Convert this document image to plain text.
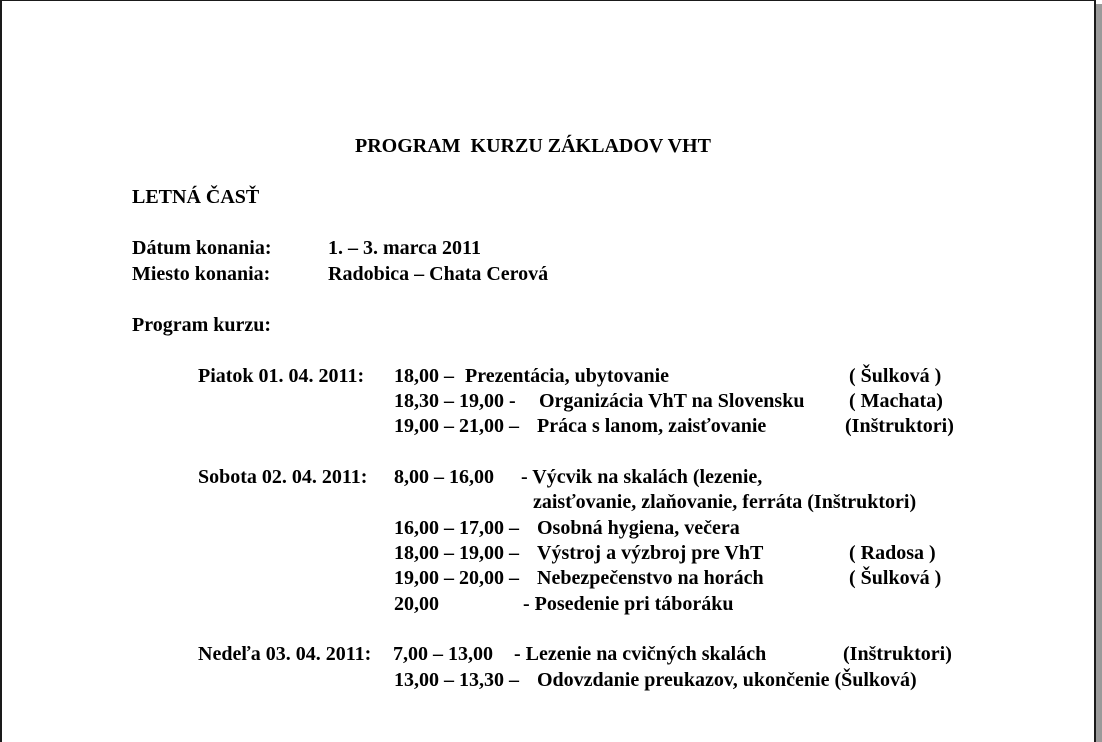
PROGRAM  KURZU ZÁKLADOV VHT
LETNÁ ČASŤ
Dátum konania:	1. – 3. marca 2011
Miesto konania:	Radobica – Chata Cerová
Program kurzu:
Piatok 01. 04. 2011: 18,00 – Prezentácia, ubytovanie	( Šulková )
18,30 – 19,00 - Organizácia VhT na Slovensku ( Machata)
19,00 – 21,00 – Práca s lanom, zaisťovanie	(Inštruktori)
Sobota 02. 04. 2011: 8,00 – 16,00 - Výcvik na skalách (lezenie,
zaisťovanie, zlaňovanie, ferráta (Inštruktori)
16,00 – 17,00 – Osobná hygiena, večera
18,00 – 19,00 – Výstroj a výzbroj pre VhT	( Radosa )
19,00 – 20,00 – Nebezpečenstvo na horách	( Šulková )
20,00	- Posedenie pri táboráku
Nedeľa 03. 04. 2011: 7,00 – 13,00 - Lezenie na cvičných skalách	(Inštruktori)
13,00 – 13,30 – Odovzdanie preukazov, ukončenie (Šulková)
